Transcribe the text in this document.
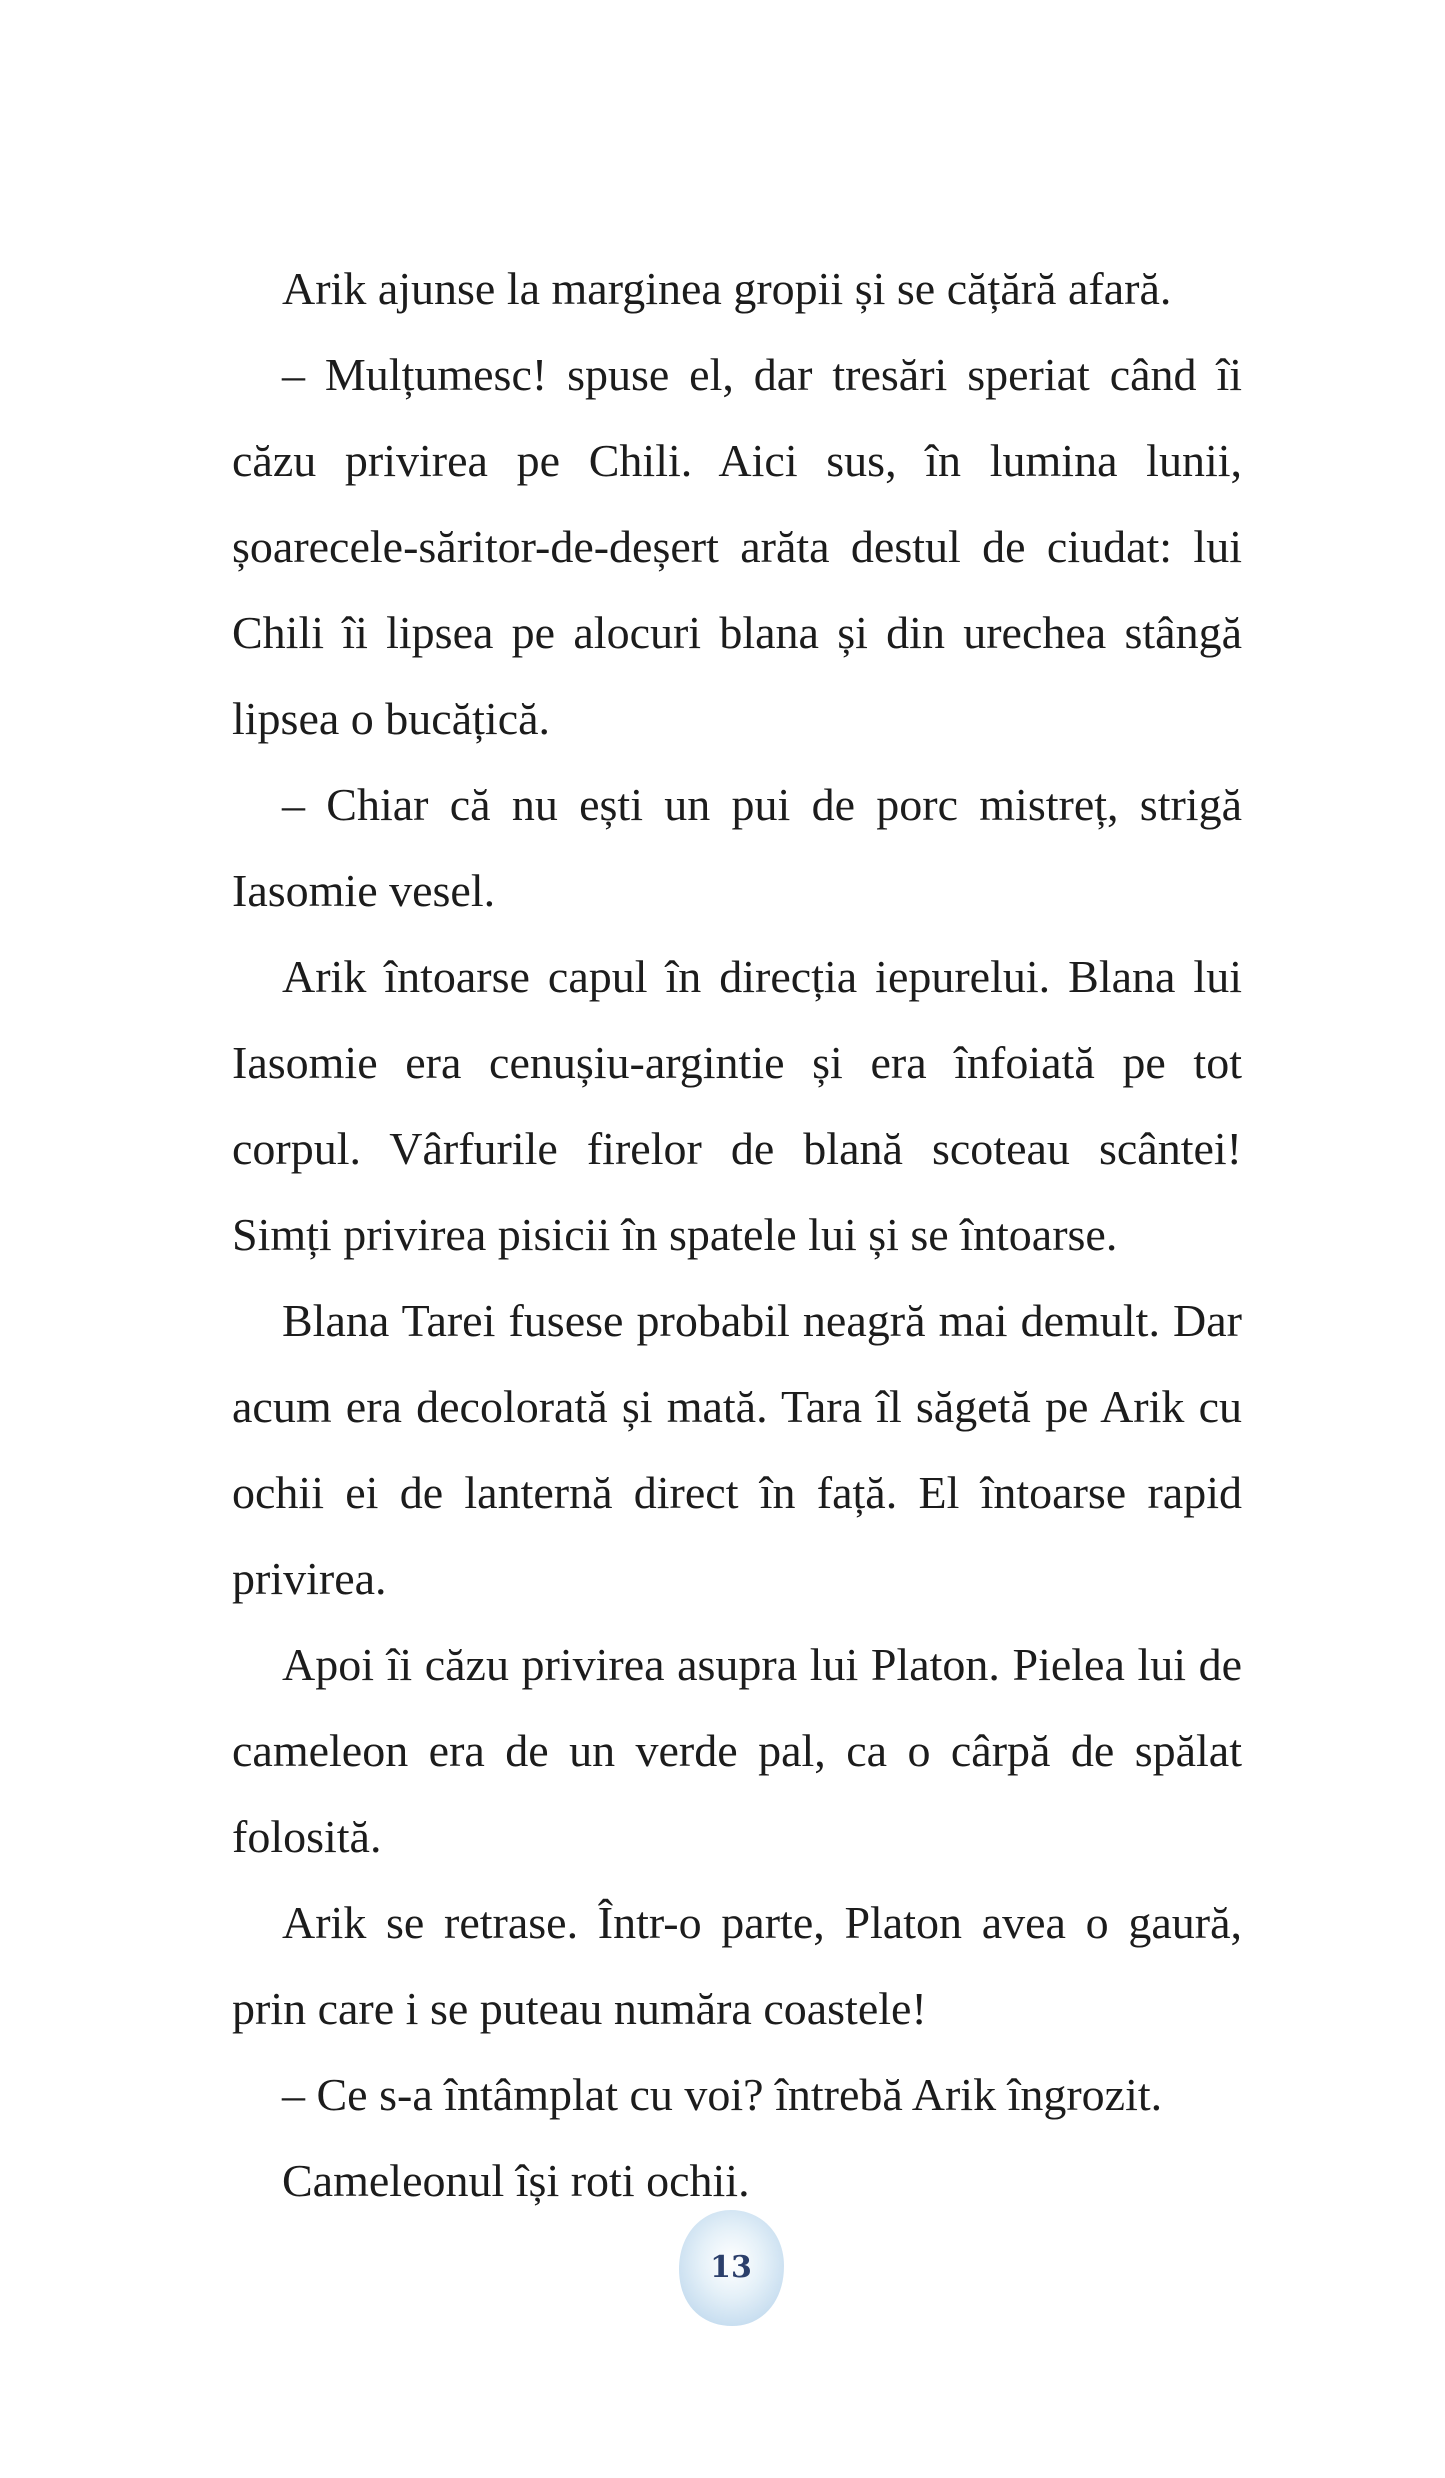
Arik ajunse la marginea gropii și se cățără afară.

– Mulțumesc! spuse el, dar tresări speriat când îi căzu privirea pe Chili. Aici sus, în lumina lunii, șoarecele-săritor-de-deșert arăta destul de ciudat: lui Chili îi lipsea pe alocuri blana și din urechea stângă lipsea o bucățică.

– Chiar că nu ești un pui de porc mistreț, strigă Iasomie vesel.

Arik întoarse capul în direcția iepurelui. Blana lui Iasomie era cenușiu-argintie și era înfoiată pe tot corpul. Vârfurile firelor de blană scoteau scântei! Simți privirea pisicii în spatele lui și se întoarse.

Blana Tarei fusese probabil neagră mai demult. Dar acum era decolorată și mată. Tara îl săgetă pe Arik cu ochii ei de lanternă direct în față. El întoarse rapid privirea.

Apoi îi căzu privirea asupra lui Platon. Pielea lui de cameleon era de un verde pal, ca o cârpă de spălat folosită.

Arik se retrase. Într-o parte, Platon avea o gaură, prin care i se puteau număra coastele!

– Ce s-a întâmplat cu voi? întrebă Arik îngrozit.

Cameleonul își roti ochii.

13
